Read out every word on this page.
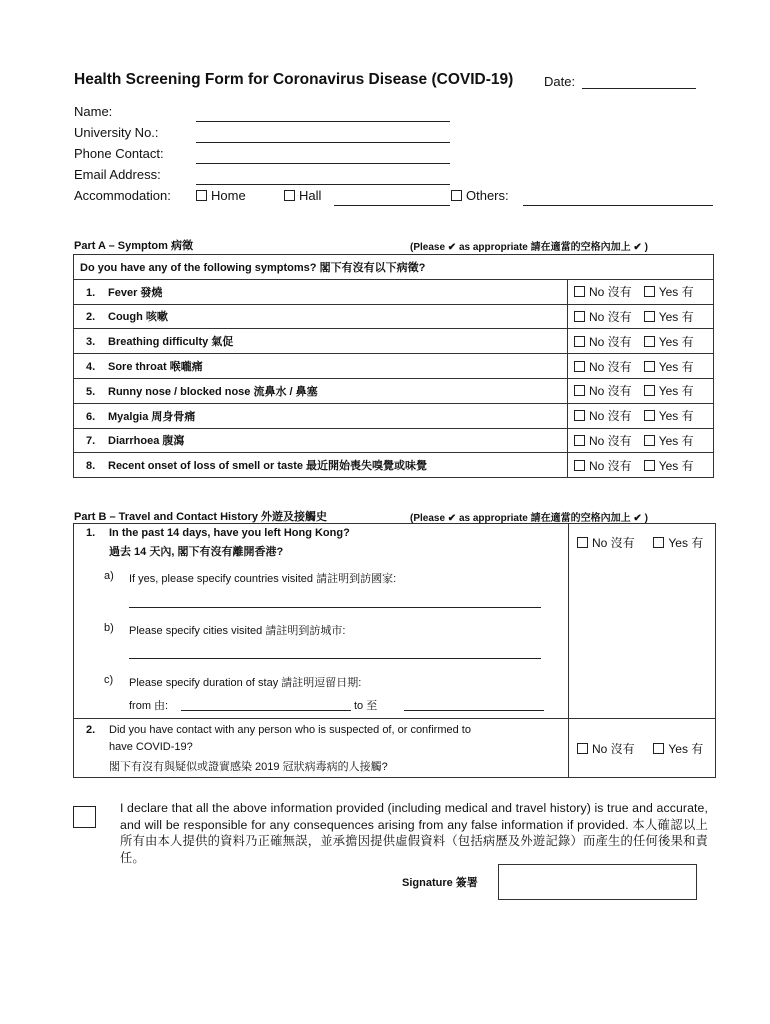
Health Screening Form for Coronavirus Disease (COVID-19) Date:
Name:
University No.:
Phone Contact:
Email Address:
Accommodation:	Home	Hall	Others:
Part A – Symptom 病徵	(Please ✔ as appropriate 請在適當的空格內加上 ✔ )
Do you have any of the following symptoms? 閣下有沒有以下病徵?	
1. Fever 發燒	No 沒有 Yes 有
2. Cough 咳嗽	No 沒有 Yes 有
3. Breathing difficulty 氣促	No 沒有 Yes 有
4. Sore throat 喉嚨痛	No 沒有 Yes 有
5. Runny nose / blocked nose 流鼻水 / 鼻塞	No 沒有 Yes 有
6. Myalgia 周身骨痛	No 沒有 Yes 有
7. Diarrhoea 腹瀉	No 沒有 Yes 有
8. Recent onset of loss of smell or taste 最近開始喪失嗅覺或味覺	No 沒有 Yes 有
Part B – Travel and Contact History 外遊及接觸史	(Please ✔ as appropriate 請在適當的空格內加上 ✔ )
1. In the past 14 days, have you left Hong Kong?
過去 14 天內, 閣下有沒有離開香港?
No 沒有	Yes 有
a) If yes, please specify countries visited 請註明到訪國家:
b) Please specify cities visited 請註明到訪城市:
c) Please specify duration of stay 請註明逗留日期:
from 由:	to 至
2. Did you have contact with any person who is suspected of, or confirmed to
have COVID-19?
閣下有沒有與疑似或證實感染 2019 冠狀病毒病的人接觸?
No 沒有	Yes 有
I declare that all the above information provided (including medical and travel history) is true and accurate, and will be responsible for any consequences arising from any false information if provided. 本人確認以上所有由本人提供的資料乃正確無誤，並承擔因提供虛假資料（包括病歷及外遊記錄）而產生的任何後果和責任。
Signature 簽署
